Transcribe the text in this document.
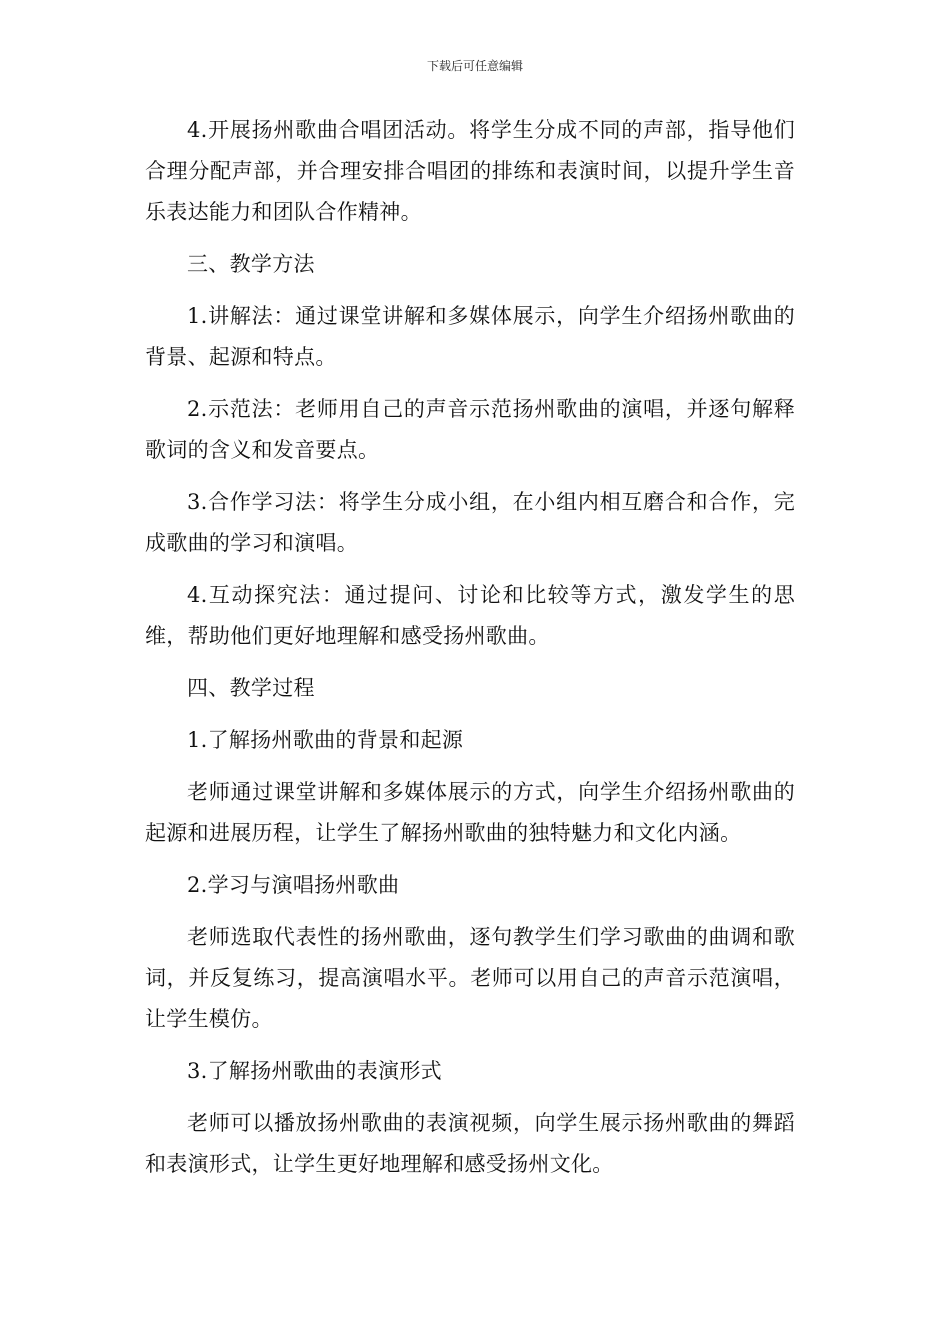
下载后可任意编辑

4.开展扬州歌曲合唱团活动。将学生分成不同的声部，指导他们合理分配声部，并合理安排合唱团的排练和表演时间，以提升学生音乐表达能力和团队合作精神。

三、教学方法

1.讲解法：通过课堂讲解和多媒体展示，向学生介绍扬州歌曲的背景、起源和特点。

2.示范法：老师用自己的声音示范扬州歌曲的演唱，并逐句解释歌词的含义和发音要点。

3.合作学习法：将学生分成小组，在小组内相互磨合和合作，完成歌曲的学习和演唱。

4.互动探究法：通过提问、讨论和比较等方式，激发学生的思维，帮助他们更好地理解和感受扬州歌曲。

四、教学过程

1.了解扬州歌曲的背景和起源

老师通过课堂讲解和多媒体展示的方式，向学生介绍扬州歌曲的起源和进展历程，让学生了解扬州歌曲的独特魅力和文化内涵。

2.学习与演唱扬州歌曲

老师选取代表性的扬州歌曲，逐句教学生们学习歌曲的曲调和歌词，并反复练习，提高演唱水平。老师可以用自己的声音示范演唱，让学生模仿。

3.了解扬州歌曲的表演形式

老师可以播放扬州歌曲的表演视频，向学生展示扬州歌曲的舞蹈和表演形式，让学生更好地理解和感受扬州文化。
